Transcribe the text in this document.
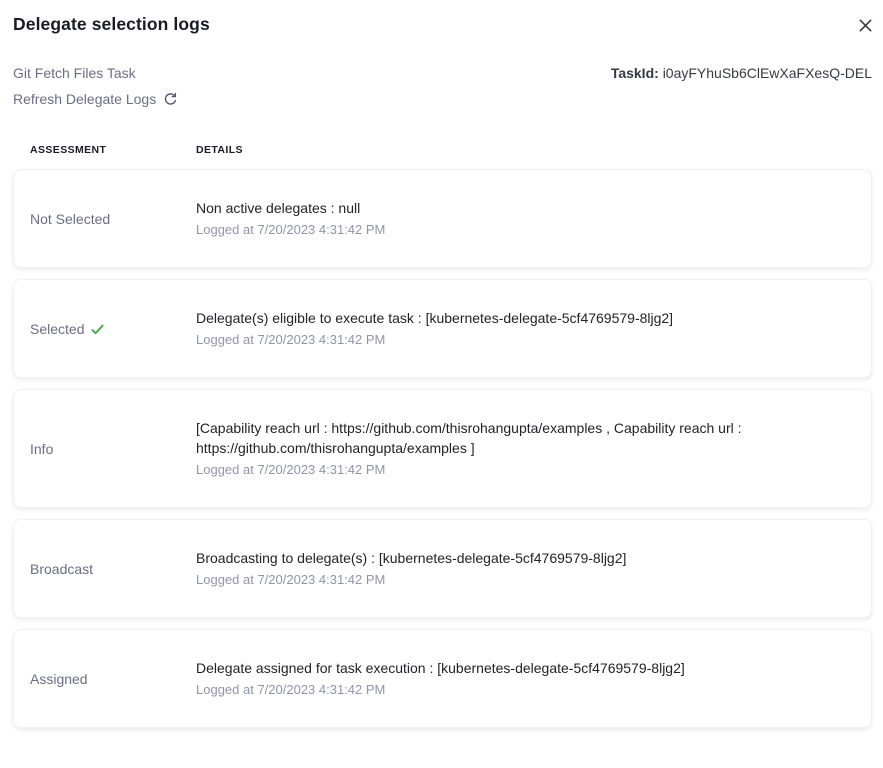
Delegate selection logs
Git Fetch Files Task
Refresh Delegate Logs
TaskId: i0ayFYhuSb6ClEwXaFXesQ-DEL
ASSESSMENT	DETAILS
Not Selected
Non active delegates : null
Logged at 7/20/2023 4:31:42 PM
Selected
Delegate(s) eligible to execute task : [kubernetes-delegate-5cf4769579-8ljg2]
Logged at 7/20/2023 4:31:42 PM
Info
[Capability reach url : https://github.com/thisrohangupta/examples , Capability reach url : https://github.com/thisrohangupta/examples ]
Logged at 7/20/2023 4:31:42 PM
Broadcast
Broadcasting to delegate(s) : [kubernetes-delegate-5cf4769579-8ljg2]
Logged at 7/20/2023 4:31:42 PM
Assigned
Delegate assigned for task execution : [kubernetes-delegate-5cf4769579-8ljg2]
Logged at 7/20/2023 4:31:42 PM
